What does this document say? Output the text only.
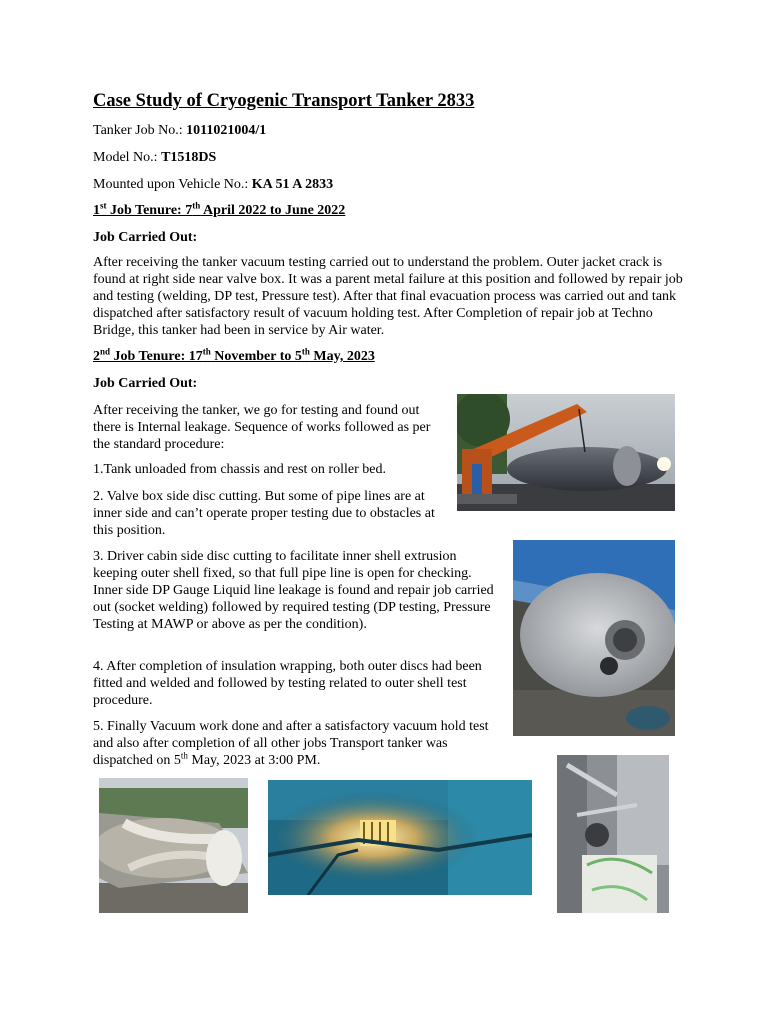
Case Study of Cryogenic Transport Tanker 2833

Tanker Job No.: 1011021004/1

Model No.: T1518DS

Mounted upon Vehicle No.: KA 51 A 2833

1st Job Tenure: 7th April 2022 to June 2022

Job Carried Out:

After receiving the tanker vacuum testing carried out to understand the problem. Outer jacket crack is found at right side near valve box. It was a parent metal failure at this position and followed by repair job and testing (welding, DP test, Pressure test). After that final evacuation process was carried out and tank dispatched after satisfactory result of vacuum holding test. After Completion of repair job at Techno Bridge, this tanker had been in service by Air water.

2nd Job Tenure: 17th November to 5th May, 2023

Job Carried Out:

After receiving the tanker, we go for testing and found out there is Internal leakage. Sequence of works followed as per the standard procedure:

1.Tank unloaded from chassis and rest on roller bed.

2. Valve box side disc cutting. But some of pipe lines are at inner side and can’t operate proper testing due to obstacles at this position.

3. Driver cabin side disc cutting to facilitate inner shell extrusion keeping outer shell fixed, so that full pipe line is open for checking. Inner side DP Gauge Liquid line leakage is found and repair job carried out (socket welding) followed by required testing (DP testing, Pressure Testing at MAWP or above as per the condition).

4. After completion of insulation wrapping, both outer discs had been fitted and welded and followed by testing related to outer shell test procedure.

5. Finally Vacuum work done and after a satisfactory vacuum hold test and also after completion of all other jobs Transport tanker was dispatched on 5th May, 2023 at 3:00 PM.
